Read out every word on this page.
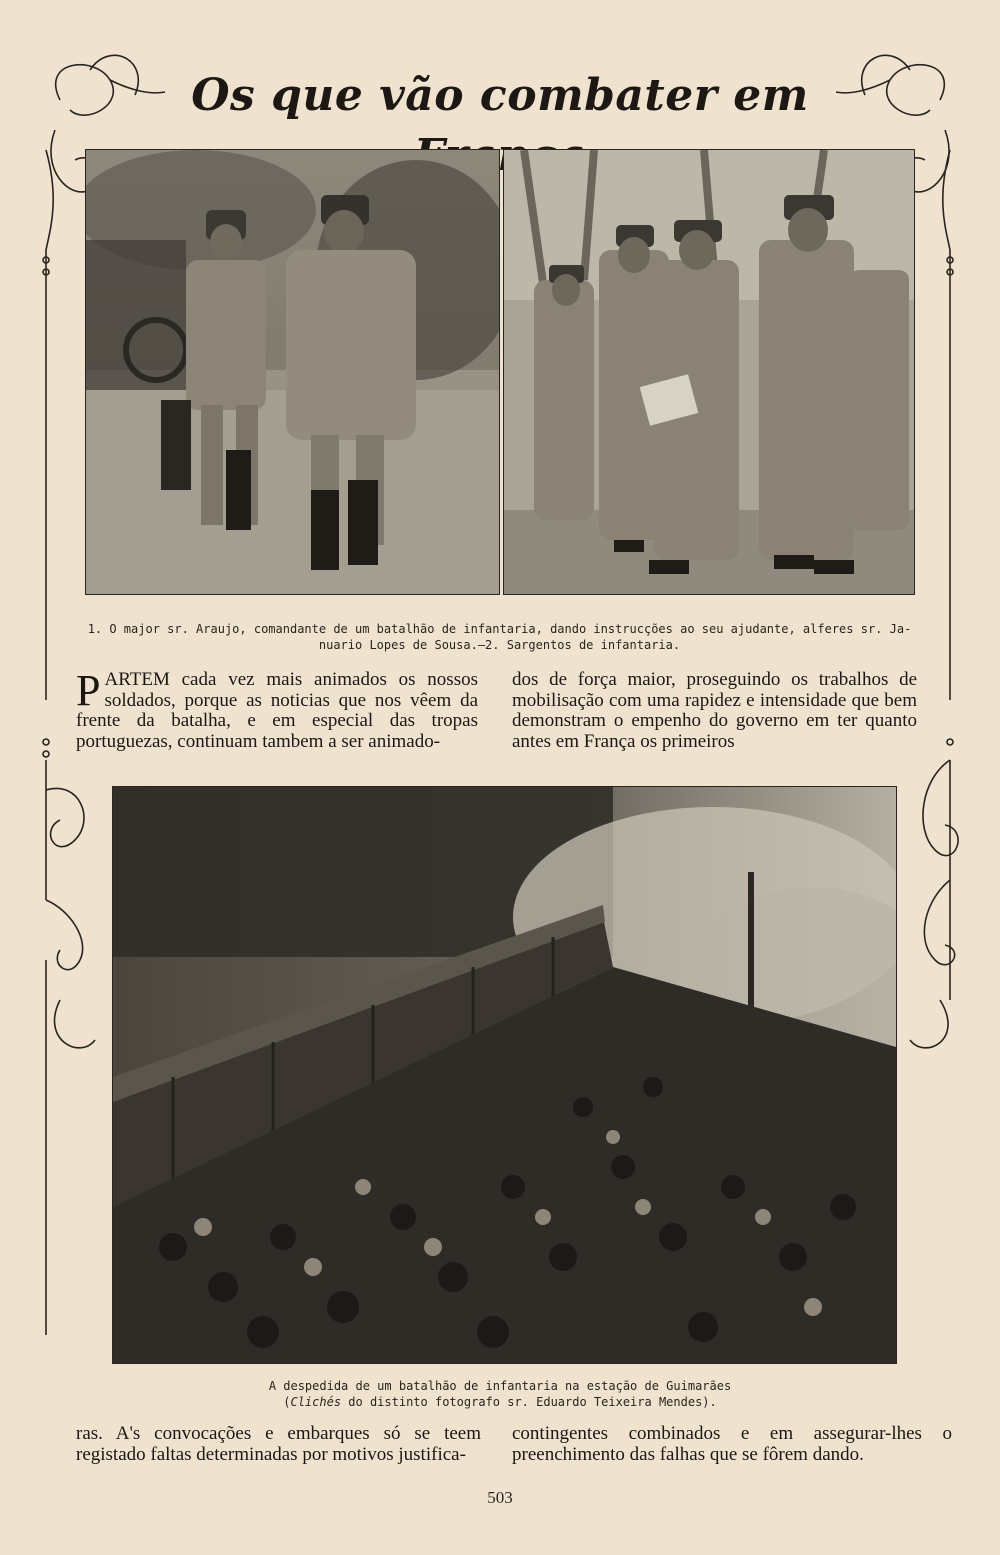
Os que vão combater em
1. O major sr. Araujo, comandante de um batalhão de infantaria, dando instrucções ao seu ajudante, alferes sr. Ja-
nuario Lopes de Sousa.—2. Sargentos de infantaria.

PARTEM cada vez mais animados os nossos soldados, porque as noticias que nos vêem da frente da batalha, e em especial das tropas portuguezas, continuam tambem a ser animado-

dos de força maior, proseguindo os trabalhos de mobilisação com uma rapidez e intensidade que bem demonstram o empenho do governo em ter quanto antes em França os primeiros

A despedida de um batalhão de infantaria na estação de Guimarães
(Clichés do distinto fotografo sr. Eduardo Teixeira Mendes).

ras. A's convocações e embarques só se teem registado faltas determinadas por motivos justifica-

contingentes combinados e em assegurar-lhes o preenchimento das falhas que se fôrem dando.

503
